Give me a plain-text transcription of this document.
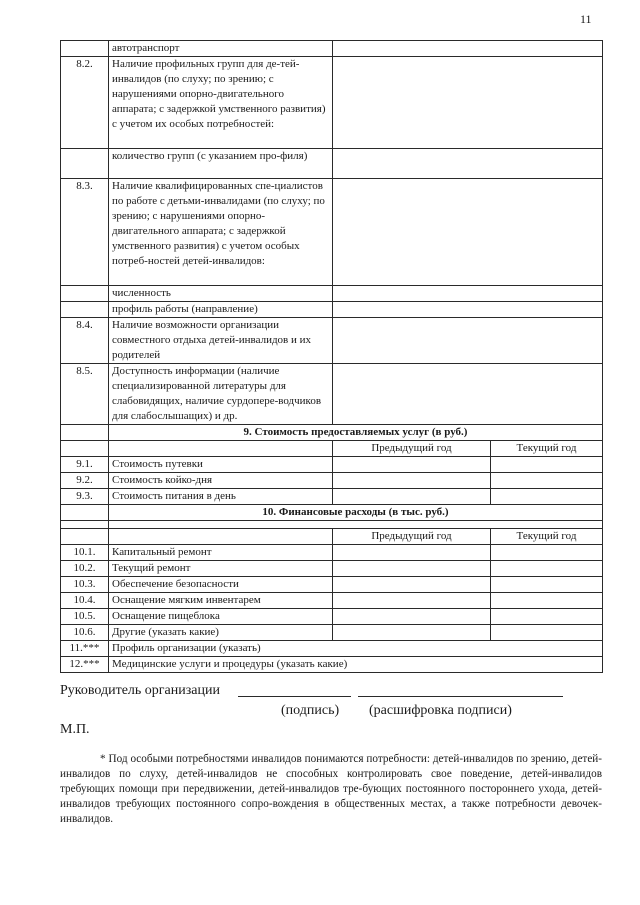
11
	автотранспорт		
8.2.	Наличие профильных групп для де-тей-инвалидов (по слуху; по зрению; с нарушениями опорно-двигательного аппарата; с задержкой умственного развития) с учетом их особых потребностей:		
	количество групп (с указанием про-филя)		
8.3.	Наличие квалифицированных спе-циалистов по работе с детьми-инвалидами (по слуху; по зрению; с нарушениями опорно-двигательного аппарата; с задержкой умственного развития) с учетом особых потреб-ностей детей-инвалидов:		
	численность		
	профиль работы (направление)		
8.4.	Наличие возможности организации совместного отдыха детей-инвалидов и их родителей		
8.5.	Доступность информации (наличие специализированной литературы для слабовидящих, наличие сурдопере-водчиков для слабослышащих) и др.		
	9. Стоимость предоставляемых услуг (в руб.)		
		Предыдущий год	Текущий год
9.1.	Стоимость путевки		
9.2.	Стоимость койко-дня		
9.3.	Стоимость питания в день		
	10. Финансовые расходы (в тыс. руб.)		

		Предыдущий год	Текущий год
10.1.	Капитальный ремонт		
10.2.	Текущий ремонт		
10.3.	Обеспечение безопасности		
10.4.	Оснащение мягким инвентарем		
10.5.	Оснащение пищеблока		
10.6.	Другие (указать какие)		
11.***	Профиль организации (указать)		
12.***	Медицинские услуги и процедуры (указать какие)		
Руководитель организации
(подпись) (расшифровка подписи)
М.П.
* Под особыми потребностями инвалидов понимаются потребности: детей-инвалидов по зрению, детей-инвалидов по слуху, детей-инвалидов не способных контролировать свое поведение, детей-инвалидов требующих помощи при передвижении, детей-инвалидов тре-бующих постоянного постороннего ухода, детей-инвалидов требующих постоянного сопро-вождения в общественных местах, а также потребности девочек-инвалидов.
